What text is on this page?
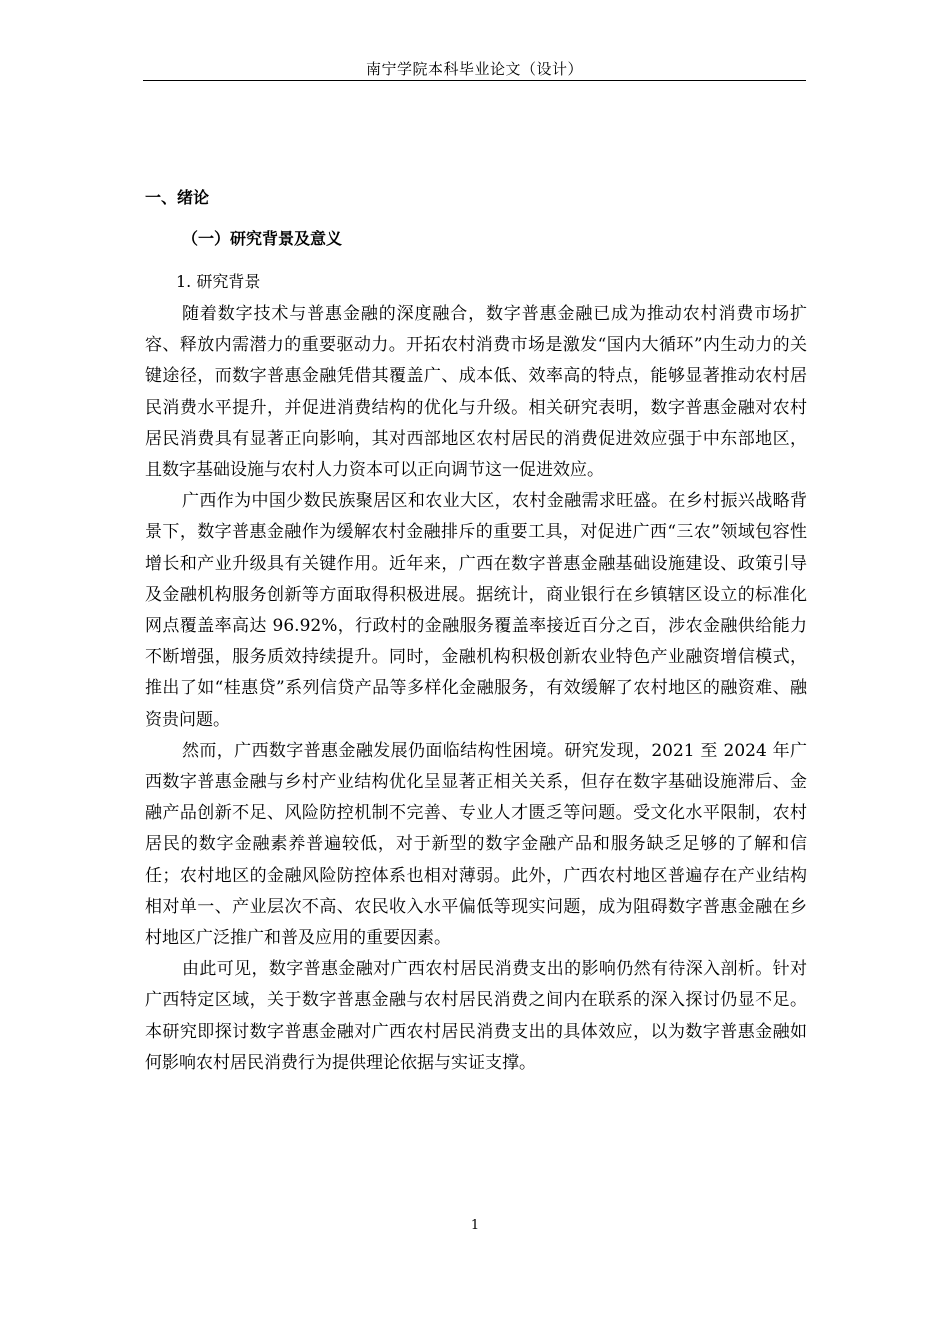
南宁学院本科毕业论文（设计）
一、绪论
（一）研究背景及意义
1. 研究背景

随着数字技术与普惠金融的深度融合，数字普惠金融已成为推动农村消费市场扩容、释放内需潜力的重要驱动力。开拓农村消费市场是激发“国内大循环”内生动力的关键途径，而数字普惠金融凭借其覆盖广、成本低、效率高的特点，能够显著推动农村居民消费水平提升，并促进消费结构的优化与升级。相关研究表明，数字普惠金融对农村居民消费具有显著正向影响，其对西部地区农村居民的消费促进效应强于中东部地区，且数字基础设施与农村人力资本可以正向调节这一促进效应。

广西作为中国少数民族聚居区和农业大区，农村金融需求旺盛。在乡村振兴战略背景下，数字普惠金融作为缓解农村金融排斥的重要工具，对促进广西“三农”领域包容性增长和产业升级具有关键作用。近年来，广西在数字普惠金融基础设施建设、政策引导及金融机构服务创新等方面取得积极进展。据统计，商业银行在乡镇辖区设立的标准化网点覆盖率高达 96.92%，行政村的金融服务覆盖率接近百分之百，涉农金融供给能力不断增强，服务质效持续提升。同时，金融机构积极创新农业特色产业融资增信模式，推出了如“桂惠贷”系列信贷产品等多样化金融服务，有效缓解了农村地区的融资难、融资贵问题。

然而，广西数字普惠金融发展仍面临结构性困境。研究发现，2021 至 2024 年广西数字普惠金融与乡村产业结构优化呈显著正相关关系，但存在数字基础设施滞后、金融产品创新不足、风险防控机制不完善、专业人才匮乏等问题。受文化水平限制，农村居民的数字金融素养普遍较低，对于新型的数字金融产品和服务缺乏足够的了解和信任；农村地区的金融风险防控体系也相对薄弱。此外，广西农村地区普遍存在产业结构相对单一、产业层次不高、农民收入水平偏低等现实问题，成为阻碍数字普惠金融在乡村地区广泛推广和普及应用的重要因素。

由此可见，数字普惠金融对广西农村居民消费支出的影响仍然有待深入剖析。针对广西特定区域，关于数字普惠金融与农村居民消费之间内在联系的深入探讨仍显不足。本研究即探讨数字普惠金融对广西农村居民消费支出的具体效应，以为数字普惠金融如何影响农村居民消费行为提供理论依据与实证支撑。

1
